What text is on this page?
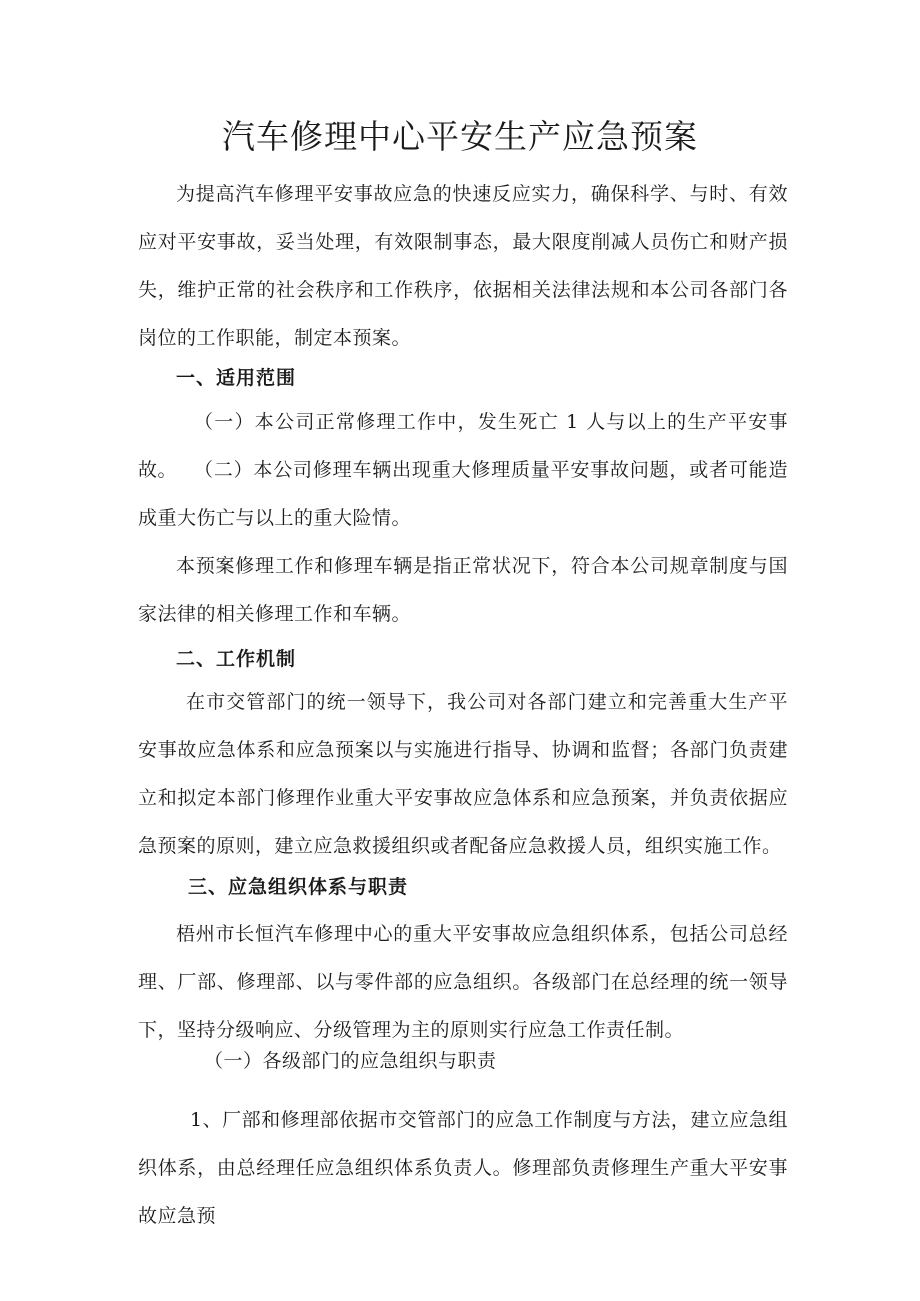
汽车修理中心平安生产应急预案

为提高汽车修理平安事故应急的快速反应实力，确保科学、与时、有效应对平安事故，妥当处理，有效限制事态，最大限度削减人员伤亡和财产损失，维护正常的社会秩序和工作秩序，依据相关法律法规和本公司各部门各岗位的工作职能，制定本预案。

一、适用范围

（一）本公司正常修理工作中，发生死亡 1 人与以上的生产平安事故。 （二）本公司修理车辆出现重大修理质量平安事故问题，或者可能造成重大伤亡与以上的重大险情。

本预案修理工作和修理车辆是指正常状况下，符合本公司规章制度与国家法律的相关修理工作和车辆。

二、工作机制

在市交管部门的统一领导下，我公司对各部门建立和完善重大生产平安事故应急体系和应急预案以与实施进行指导、协调和监督；各部门负责建立和拟定本部门修理作业重大平安事故应急体系和应急预案，并负责依据应急预案的原则，建立应急救援组织或者配备应急救援人员，组织实施工作。

三、应急组织体系与职责

梧州市长恒汽车修理中心的重大平安事故应急组织体系，包括公司总经理、厂部、修理部、以与零件部的应急组织。各级部门在总经理的统一领导下，坚持分级响应、分级管理为主的原则实行应急工作责任制。

（一）各级部门的应急组织与职责

1、厂部和修理部依据市交管部门的应急工作制度与方法，建立应急组织体系，由总经理任应急组织体系负责人。修理部负责修理生产重大平安事故应急预
